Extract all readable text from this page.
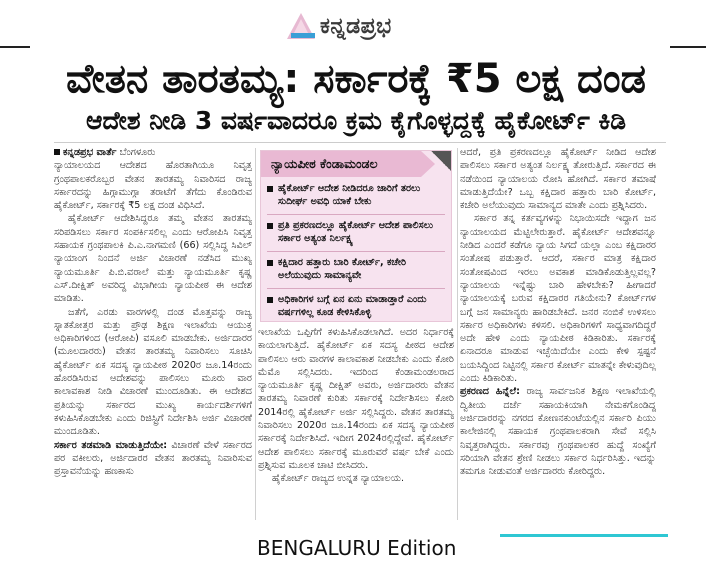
ಕನ್ನಡಪ್ರಭ
ವೇತನ ತಾರತಮ್ಯ: ಸರ್ಕಾರಕ್ಕೆ ₹5 ಲಕ್ಷ ದಂಡ
ಆದೇಶ ನೀಡಿ 3 ವರ್ಷವಾದರೂ ಕ್ರಮ ಕೈಗೊಳ್ಳದ್ದಕ್ಕೆ ಹೈಕೋರ್ಟ್ ಕಿಡಿ

ಕನ್ನಡಪ್ರಭ ವಾರ್ತೆ ಬೆಂಗಳೂರು

ನ್ಯಾಯಾಲಯದ ಆದೇಶದ ಹೊರತಾಗಿಯೂ ನಿವೃತ್ತ ಗ್ರಂಥಪಾಲಕರೊಬ್ಬರ ವೇತನ ತಾರತಮ್ಯ ನಿವಾರಿಸದ ರಾಜ್ಯ ಸರ್ಕಾರದನ್ನು ಹಿಗ್ಗಾಮುಗ್ಗಾ ತರಾಟೆಗೆ ತೆಗೆದು ಕೊಂಡಿರುವ ಹೈಕೋರ್ಟ್, ಸರ್ಕಾರಕ್ಕೆ ₹5 ಲಕ್ಷ ದಂಡ ವಿಧಿಸಿದೆ.

ಹೈಕೋರ್ಟ್ ಆದೇಶಿಸಿದ್ದರೂ ತಮ್ಮ ವೇತನ ತಾರತಮ್ಯ ಸರಿಪಡಿಸಲು ಸರ್ಕಾರ ಸಂಪರ್ಕಿಸಲಿಲ್ಲ ಎಂದು ಆರೋಪಿಸಿ ನಿವೃತ್ತ ಸಹಾಯಕ ಗ್ರಂಥಪಾಲಕಿ ಪಿ.ಎ.ನಾಗಮಣಿ (66) ಸಲ್ಲಿಸಿದ್ದ ಸಿವಿಲ್ ನ್ಯಾಯಾಂಗ ನಿಂದನೆ ಅರ್ಜಿ ವಿಚಾರಣೆ ನಡೆಸಿದ ಮುಖ್ಯ ನ್ಯಾಯಮೂರ್ತಿ ಪಿ.ಬಿ.ವರಾಲೆ ಮತ್ತು ನ್ಯಾಯಮೂರ್ತಿ ಕೃಷ್ಣ ಎಸ್.ದೀಕ್ಷಿತ್ ಅವರಿದ್ದ ವಿಭಾಗೀಯ ನ್ಯಾಯಪೀಠ ಈ ಆದೇಶ ಮಾಡಿತು.

ಜತೆಗೆ, ಎರಡು ವಾರಗಳಲ್ಲಿ ದಂಡ ಮೊತ್ತವನ್ನು ರಾಜ್ಯ ಸ್ನಾತಕೋತ್ತರ ಮತ್ತು ಪ್ರೌಢ ಶಿಕ್ಷಣ ಇಲಾಖೆಯ ಆಯುಕ್ತ ಅಧಿಕಾರಿಗಳಿಂದ (ಆರೋಪಿ) ವಸೂಲಿ ಮಾಡಬೇಕು. ಅರ್ಜಿದಾರರ (ಮೂಲದಾರರು) ವೇತನ ತಾರತಮ್ಯ ನಿವಾರಿಸಲು ಸೂಚಿಸಿ ಹೈಕೋರ್ಟ್ ಏಕ ಸದಸ್ಯ ನ್ಯಾಯಪೀಠ 2020ರ ಜೂ.14ರಂದು ಹೊರಡಿಸಿರುವ ಆದೇಶವನ್ನು ಪಾಲಿಸಲು ಮೂರು ವಾರ ಕಾಲಾವಕಾಶ ನೀಡಿ ವಿಚಾರಣೆ ಮುಂದೂಡಿತು. ಈ ಆದೇಶದ ಪ್ರತಿಯನ್ನು ಸರ್ಕಾರದ ಮುಖ್ಯ ಕಾರ್ಯದರ್ಶಿಗಳಿಗೆ ಕಳುಹಿಸಿಕೊಡಬೇಕು ಎಂದು ರಿಜಿಸ್ಟ್ರಿಗೆ ನಿರ್ದೇಶಿಸಿ ಅರ್ಜಿ ವಿಚಾರಣೆ ಮುಂದೂಡಿತು.

ಸರ್ಕಾರ ತಡಮಾಡಿ ಮಾಡುತ್ತಿದೆಯೇ: ವಿಚಾರಣೆ ವೇಳೆ ಸರ್ಕಾರದ ಪರ ವಕೀಲರು, ಅರ್ಜಿದಾರರ ವೇತನ ತಾರತಮ್ಯ ನಿವಾರಿಸುವ ಪ್ರಸ್ತಾವನೆಯನ್ನು ಹಣಕಾಸು

ನ್ಯಾಯಪೀಠ ಕೆಂಡಾಮಂಡಲ
ಹೈಕೋರ್ಟ್ ಆದೇಶ ನೀಡಿದರೂ ಜಾರಿಗೆ ತರಲು ಸುದೀರ್ಘ ಅವಧಿ ಯಾಕೆ ಬೇಕು
ಪ್ರತಿ ಪ್ರಕರಣದಲ್ಲೂ ಹೈಕೋರ್ಟ್ ಆದೇಶ ಪಾಲಿಸಲು ಸರ್ಕಾರ ಅತ್ಯಂತ ನಿರ್ಲಕ್ಷ್ಯ
ಕಕ್ಷಿದಾರ ಹತ್ತಾರು ಬಾರಿ ಕೋರ್ಟ್, ಕಚೇರಿ ಅಲೆಯುವುದು ಸಾಮಾನ್ಯವೇ
ಅಧಿಕಾರಿಗಳ ಬಗ್ಗೆ ಏನ ಏನು ಮಾಡಾಡ್ತಾರೆ ಎಂದು ವರ್ಷಗಳಿಲ್ಲ ಕೂಡ ಕೇಳಿಸಿಕೊಳ್ಳಿ

ಇಲಾಖೆಯ ಒಪ್ಪಿಗೆಗೆ ಕಳುಹಿಸಿಕೊಡಲಾಗಿದೆ. ಅದರ ನಿರ್ಧಾರಕ್ಕೆ ಕಾಯಲಾಗುತ್ತಿದೆ. ಹೈಕೋರ್ಟ್ ಏಕ ಸದಸ್ಯ ಪೀಠದ ಆದೇಶ ಪಾಲಿಸಲು ಆರು ವಾರಗಳ ಕಾಲಾವಕಾಶ ನೀಡಬೇಕು ಎಂದು ಕೋರಿ ಮೆಮೊ ಸಲ್ಲಿಸಿದರು. ಇದರಿಂದ ಕೆಂಡಾಮಂಡಲರಾದ ನ್ಯಾಯಮೂರ್ತಿ ಕೃಷ್ಣ ದೀಕ್ಷಿತ್ ಅವರು, ಅರ್ಜಿದಾರರು ವೇತನ ತಾರತಮ್ಯ ನಿವಾರಣೆ ಕುರಿತು ಸರ್ಕಾರಕ್ಕೆ ನಿರ್ದೇಶಿಸಲು ಕೋರಿ 2014ರಲ್ಲಿ ಹೈಕೋರ್ಟ್ ಅರ್ಜಿ ಸಲ್ಲಿಸಿದ್ದರು. ವೇತನ ತಾರತಮ್ಯ ನಿವಾರಿಸಲು 2020ರ ಜೂ.14ರಂದು ಏಕ ಸದಸ್ಯ ನ್ಯಾಯಪೀಠ ಸರ್ಕಾರಕ್ಕೆ ನಿರ್ದೇಶಿಸಿದೆ. ಇದೀಗ 2024ರಲ್ಲಿದ್ದೇವೆ. ಹೈಕೋರ್ಟ್ ಆದೇಶ ಪಾಲಿಸಲು ಸರ್ಕಾರಕ್ಕೆ ಮೂರುವರೆ ವರ್ಷ ಬೇಕೆ ಎಂದು ಪ್ರಶ್ನಿಸುವ ಮೂಲಕ ಚಾಟಿ ಬೀಸಿದರು.

ಹೈಕೋರ್ಟ್ ರಾಜ್ಯದ ಉನ್ನತ ನ್ಯಾಯಾಲಯ.

ಆದರೆ, ಪ್ರತಿ ಪ್ರಕರಣದಲ್ಲೂ ಹೈಕೋರ್ಟ್ ನೀಡಿದ ಆದೇಶ ಪಾಲಿಸಲು ಸರ್ಕಾರ ಅತ್ಯಂತ ನಿರ್ಲಕ್ಷ್ಯ ತೋರುತ್ತಿದೆ. ಸರ್ಕಾರದ ಈ ನಡೆಯಿಂದ ನ್ಯಾಯಾಲಯ ರೋಸಿ ಹೋಗಿದೆ. ಸರ್ಕಾರ ತಮಾಷೆ ಮಾಡುತ್ತಿದೆಯೇ? ಒಬ್ಬ ಕಕ್ಷಿದಾರ ಹತ್ತಾರು ಬಾರಿ ಕೋರ್ಟ್, ಕಚೇರಿ ಅಲೆಯುವುದು ಸಾಮಾನ್ಯದ ಮಾತೇ ಎಂದು ಪ್ರಶ್ನಿಸಿದರು.

ಸರ್ಕಾರ ತನ್ನ ಕರ್ತವ್ಯಗಳನ್ನು ನಿಭಾಯಿಸದೇ ಇದ್ದಾಗ ಜನ ನ್ಯಾಯಾಲಯದ ಮೆಟ್ಟಿಲೇರುತ್ತಾರೆ. ಹೈಕೋರ್ಟ್ ಆದೇಶವನ್ನೂ ನೀಡಿದ ಎಂದರೆ ಕಡೆಗೂ ನ್ಯಾಯ ಸಿಗದೆ ಯಲ್ಲಾ ಎಂಬ ಕಕ್ಷಿದಾರರ ಸಂತೋಷ ಪಡುತ್ತಾರೆ. ಆದರೆ, ಸರ್ಕಾರ ಮಾತ್ರ ಕಕ್ಷಿದಾರ ಸಂತೋಷವಿಂದ ಇರಲು ಅವಕಾಶ ಮಾಡಿಕೊಡುತ್ತಿಲ್ಲವಲ್ಲ? ನ್ಯಾಯಾಲಯ ಇನ್ನೆಷ್ಟು ಬಾರಿ ಹೇಳಬೇಕು? ಹೀಗಾದರೆ ನ್ಯಾಯಾಲಯಕ್ಕೆ ಬರುವ ಕಕ್ಷಿದಾರರ ಗತಿಯೇನು? ಕೋರ್ಟ್‌ಗಳ ಬಗ್ಗೆ ಜನ ಸಾಮಾನ್ಯರು ಹಾರಿಡಬೇಕಿದೆ. ಜನರ ನಂಬಿಕೆ ಉಳಿಸಲು ಸರ್ಕಾರ ಅಧಿಕಾರಿಗಳು ಕಳಿಸಲಿ. ಅಧಿಕಾರಿಗಳಿಗೆ ಸಾಧ್ಯವಾಗದಿದ್ದರೆ ಅದೇ ಹೇಳಿ ಎಂದು ನ್ಯಾಯಪೀಠ ಕಿಡಿಕಾರಿತು. ಸರ್ಕಾರಕ್ಕೆ ಏನಾದರೂ ಮಾಡುವ ಇಚ್ಛೆಯಿದೆಯೇ ಎಂದು ಕೇಳಿ ಸ್ಪಷ್ಟನೆ ಬಯಸಿದ್ದಿಂದ ನಿಟ್ಟಿನಲ್ಲಿ ಸರ್ಕಾರ ಕೋರ್ಟ್‌ ಮಾತನ್ನೇ ಕೇಳುವುದಿಲ್ಲ ಎಂದು ಕಿಡಿಕಾರಿತು.

ಪ್ರಕರಣದ ಹಿನ್ನೆಲೆ: ರಾಜ್ಯ ಸಾರ್ವಜನಿಕ ಶಿಕ್ಷಣ ಇಲಾಖೆಯಲ್ಲಿ ದ್ವಿತೀಯ ದರ್ಜೆ ಸಹಾಯಕಿಯಾಗಿ ನೇಮಕಗೊಂಡಿದ್ದ ಅರ್ಜಿದಾರರನ್ನು ನಗರದ ಕೋಣನಕುಂಟೆಯಲ್ಲಿನ ಸರ್ಕಾರಿ ಪಿಯು ಕಾಲೇಜಿನಲ್ಲಿ ಸಹಾಯಕ ಗ್ರಂಥಪಾಲಕರಾಗಿ ಸೇವೆ ಸಲ್ಲಿಸಿ ನಿವೃತ್ತರಾಗಿದ್ದರು. ಸರ್ಕಾರವು ಗ್ರಂಥಪಾಲಕರ ಹುದ್ದೆ ಸಂಖ್ಯೆಗೆ ಸರಿಯಾಗಿ ವೇತನ ಶ್ರೇಣಿ ನೀಡಲು ಸರ್ಕಾರ ನಿರ್ಧರಿಸಿತ್ತು. ಇದನ್ನು ತಮಗೂ ನೀಡುವಂತೆ ಅರ್ಜಿದಾರರು ಕೋರಿದ್ದರು.

BENGALURU Edition
